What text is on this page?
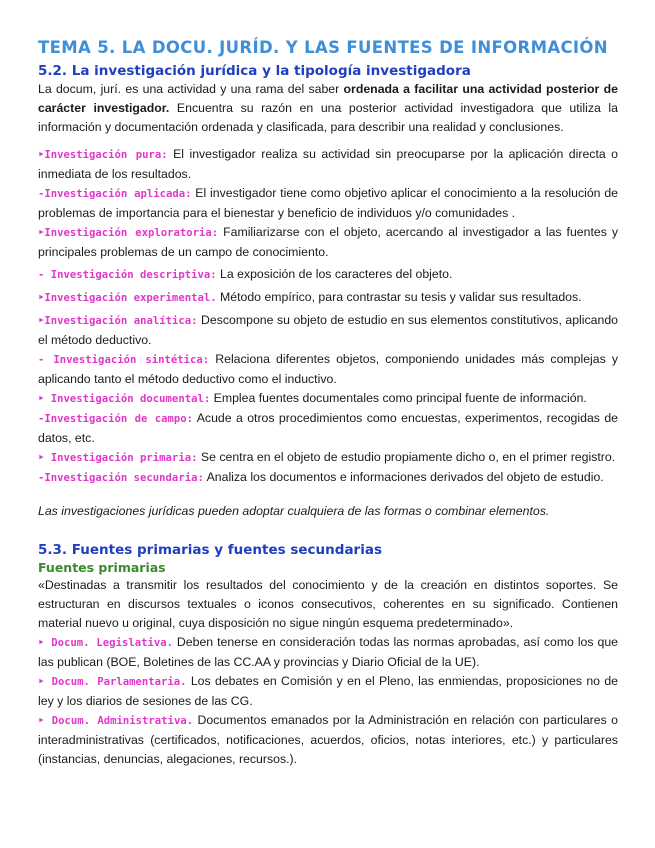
TEMA 5. LA DOCU. JURÍD. Y LAS FUENTES DE INFORMACIÓN
5.2. La investigación jurídica y la tipología investigadora

La docum, jurí. es una actividad y una rama del saber ordenada a facilitar una actividad posterior de carácter investigador. Encuentra su razón en una posterior actividad investigadora que utiliza la información y documentación ordenada y clasificada, para describir una realidad y conclusiones.

‣Investigación pura: El investigador realiza su actividad sin preocuparse por la aplicación directa o inmediata de los resultados.

-Investigación aplicada: El investigador tiene como objetivo aplicar el conocimiento a la resolución de problemas de importancia para el bienestar y beneficio de individuos y/o comunidades .

‣Investigación exploratoria: Familiarizarse con el objeto, acercando al investigador a las fuentes y principales problemas de un campo de conocimiento.

- Investigación descriptiva: La exposición de los caracteres del objeto.

‣Investigación experimental. Método empírico, para contrastar su tesis y validar sus resultados.

‣Investigación analítica: Descompone su objeto de estudio en sus elementos constitutivos, aplicando el método deductivo.

- Investigación sintética: Relaciona diferentes objetos, componiendo unidades más complejas y aplicando tanto el método deductivo como el inductivo.

‣ Investigación documental: Emplea fuentes documentales como principal fuente de información.

-Investigación de campo: Acude a otros procedimientos como encuestas, experimentos, recogidas de datos, etc.

‣ Investigación primaria: Se centra en el objeto de estudio propiamente dicho o, en el primer registro.

-Investigación secundaria: Analiza los documentos e informaciones derivados del objeto de estudio.

Las investigaciones jurídicas pueden adoptar cualquiera de las formas o combinar elementos.

5.3. Fuentes primarias y fuentes secundarias
Fuentes primarias

«Destinadas a transmitir los resultados del conocimiento y de la creación en distintos soportes. Se estructuran en discursos textuales o iconos consecutivos, coherentes en su significado. Contienen material nuevo u original, cuya disposición no sigue ningún esquema predeterminado».

‣ Docum. Legislativa. Deben tenerse en consideración todas las normas aprobadas, así como los que las publican (BOE, Boletines de las CC.AA y provincias y Diario Oficial de la UE).

‣ Docum. Parlamentaria. Los debates en Comisión y en el Pleno, las enmiendas, proposiciones no de ley y los diarios de sesiones de las CG.

‣ Docum. Administrativa. Documentos emanados por la Administración en relación con particulares o interadministrativas (certificados, notificaciones, acuerdos, oficios, notas interiores, etc.) y particulares (instancias, denuncias, alegaciones, recursos.).
